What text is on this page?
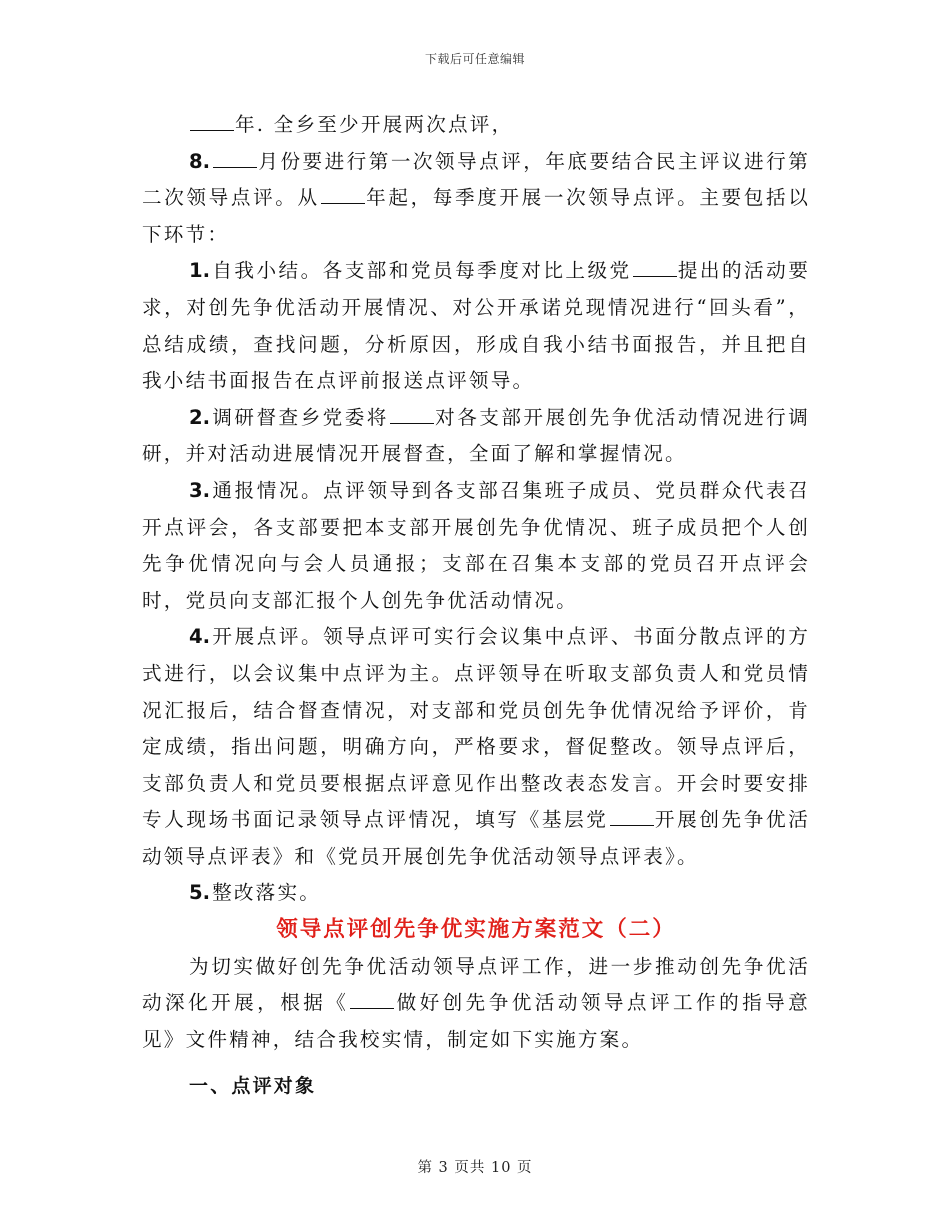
下载后可任意编辑

年. 全乡至少开展两次点评，

8. 月份要进行第一次领导点评，年底要结合民主评议进行第二次领导点评。从 年起，每季度开展一次领导点评。主要包括以下环节：

1. 自我小结。各支部和党员每季度对比上级党 提出的活动要求，对创先争优活动开展情况、对公开承诺兑现情况进行“回头看”，总结成绩，查找问题，分析原因，形成自我小结书面报告，并且把自我小结书面报告在点评前报送点评领导。

2. 调研督查乡党委将 对各支部开展创先争优活动情况进行调研，并对活动进展情况开展督查，全面了解和掌握情况。

3. 通报情况。点评领导到各支部召集班子成员、党员群众代表召开点评会，各支部要把本支部开展创先争优情况、班子成员把个人创先争优情况向与会人员通报；支部在召集本支部的党员召开点评会时，党员向支部汇报个人创先争优活动情况。

4. 开展点评。领导点评可实行会议集中点评、书面分散点评的方式进行，以会议集中点评为主。点评领导在听取支部负责人和党员情况汇报后，结合督查情况，对支部和党员创先争优情况给予评价，肯定成绩，指出问题，明确方向，严格要求，督促整改。领导点评后，支部负责人和党员要根据点评意见作出整改表态发言。开会时要安排专人现场书面记录领导点评情况，填写《基层党 开展创先争优活动领导点评表》和《党员开展创先争优活动领导点评表》。

5. 整改落实。

领导点评创先争优实施方案范文（二）

为切实做好创先争优活动领导点评工作，进一步推动创先争优活动深化开展，根据《 做好创先争优活动领导点评工作的指导意见》文件精神，结合我校实情，制定如下实施方案。

一、点评对象

第 3 页共 10 页
